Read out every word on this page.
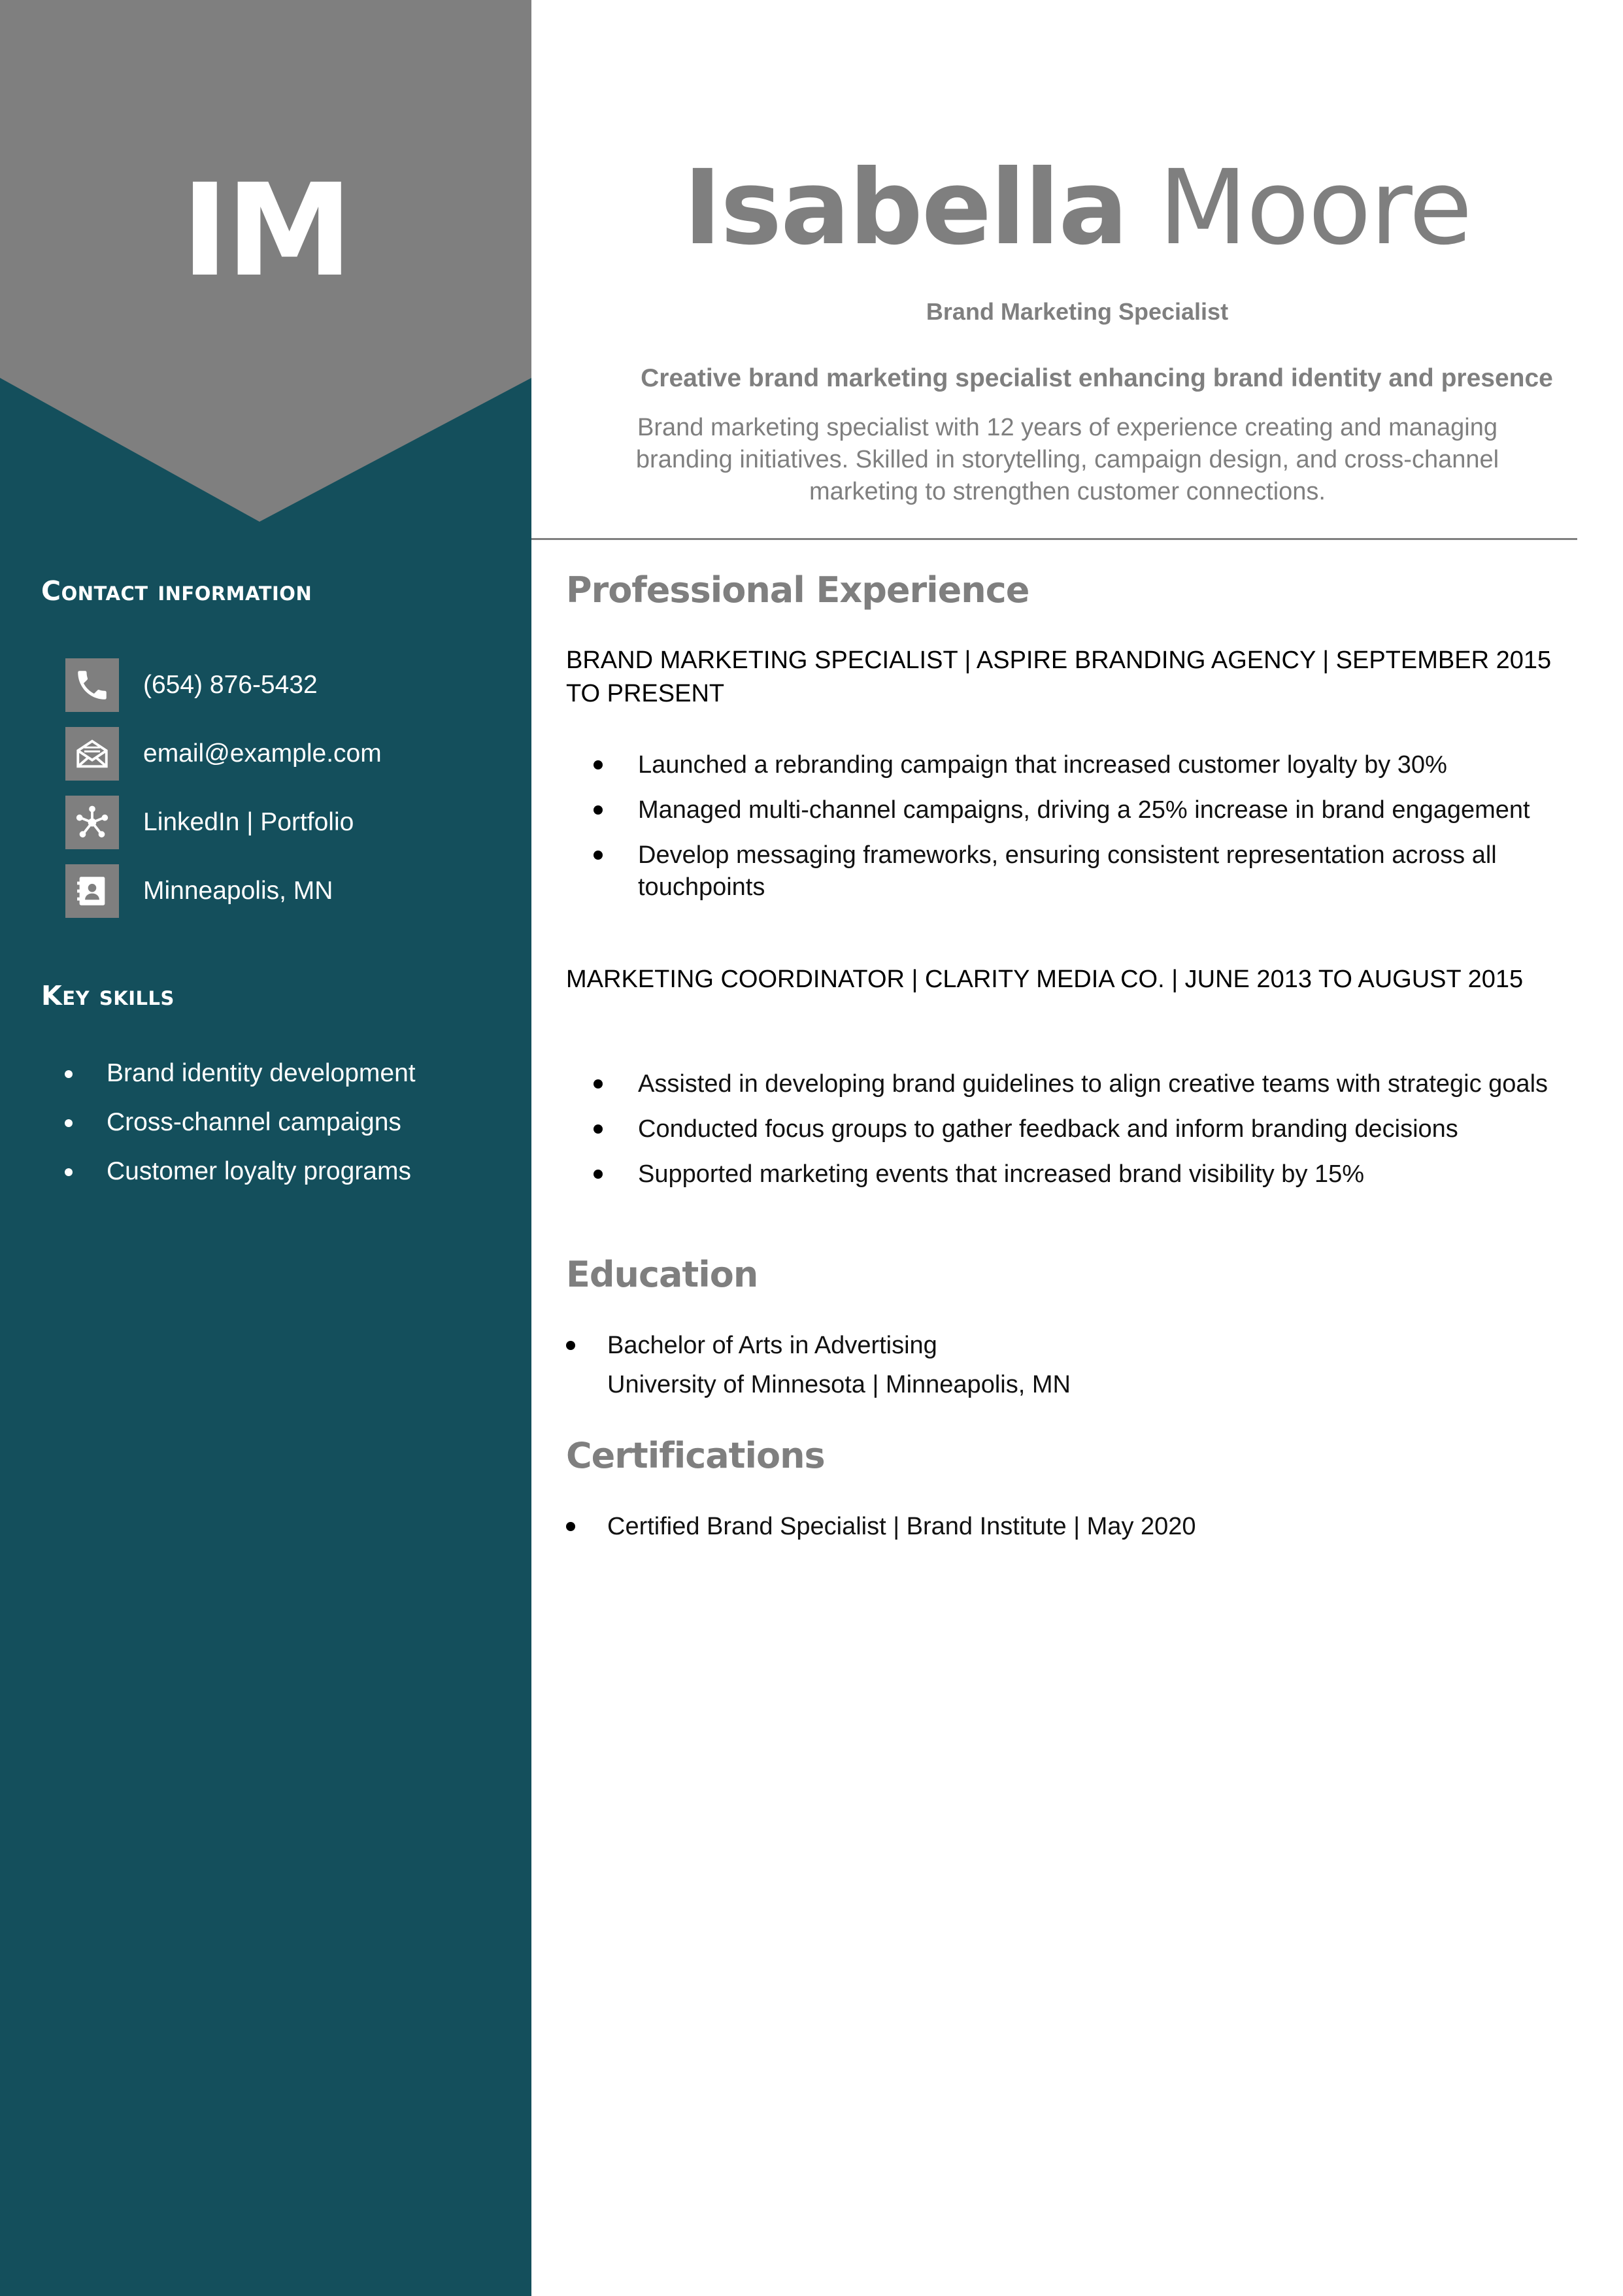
IM
Contact information
(654) 876-5432
email@example.com
LinkedIn | Portfolio
Minneapolis, MN
Key skills
Brand identity development
Cross-channel campaigns
Customer loyalty programs
Isabella Moore
Brand Marketing Specialist
Creative brand marketing specialist enhancing brand identity and presence
Brand marketing specialist with 12 years of experience creating and managing branding initiatives. Skilled in storytelling, campaign design, and cross-channel marketing to strengthen customer connections.
Professional Experience
BRAND MARKETING SPECIALIST | ASPIRE BRANDING AGENCY | SEPTEMBER 2015 TO PRESENT
Launched a rebranding campaign that increased customer loyalty by 30%
Managed multi-channel campaigns, driving a 25% increase in brand engagement
Develop messaging frameworks, ensuring consistent representation across all touchpoints
MARKETING COORDINATOR | CLARITY MEDIA CO. | JUNE 2013 TO AUGUST 2015
Assisted in developing brand guidelines to align creative teams with strategic goals
Conducted focus groups to gather feedback and inform branding decisions
Supported marketing events that increased brand visibility by 15%
Education
Bachelor of Arts in Advertising
University of Minnesota | Minneapolis, MN
Certifications
Certified Brand Specialist | Brand Institute | May 2020
